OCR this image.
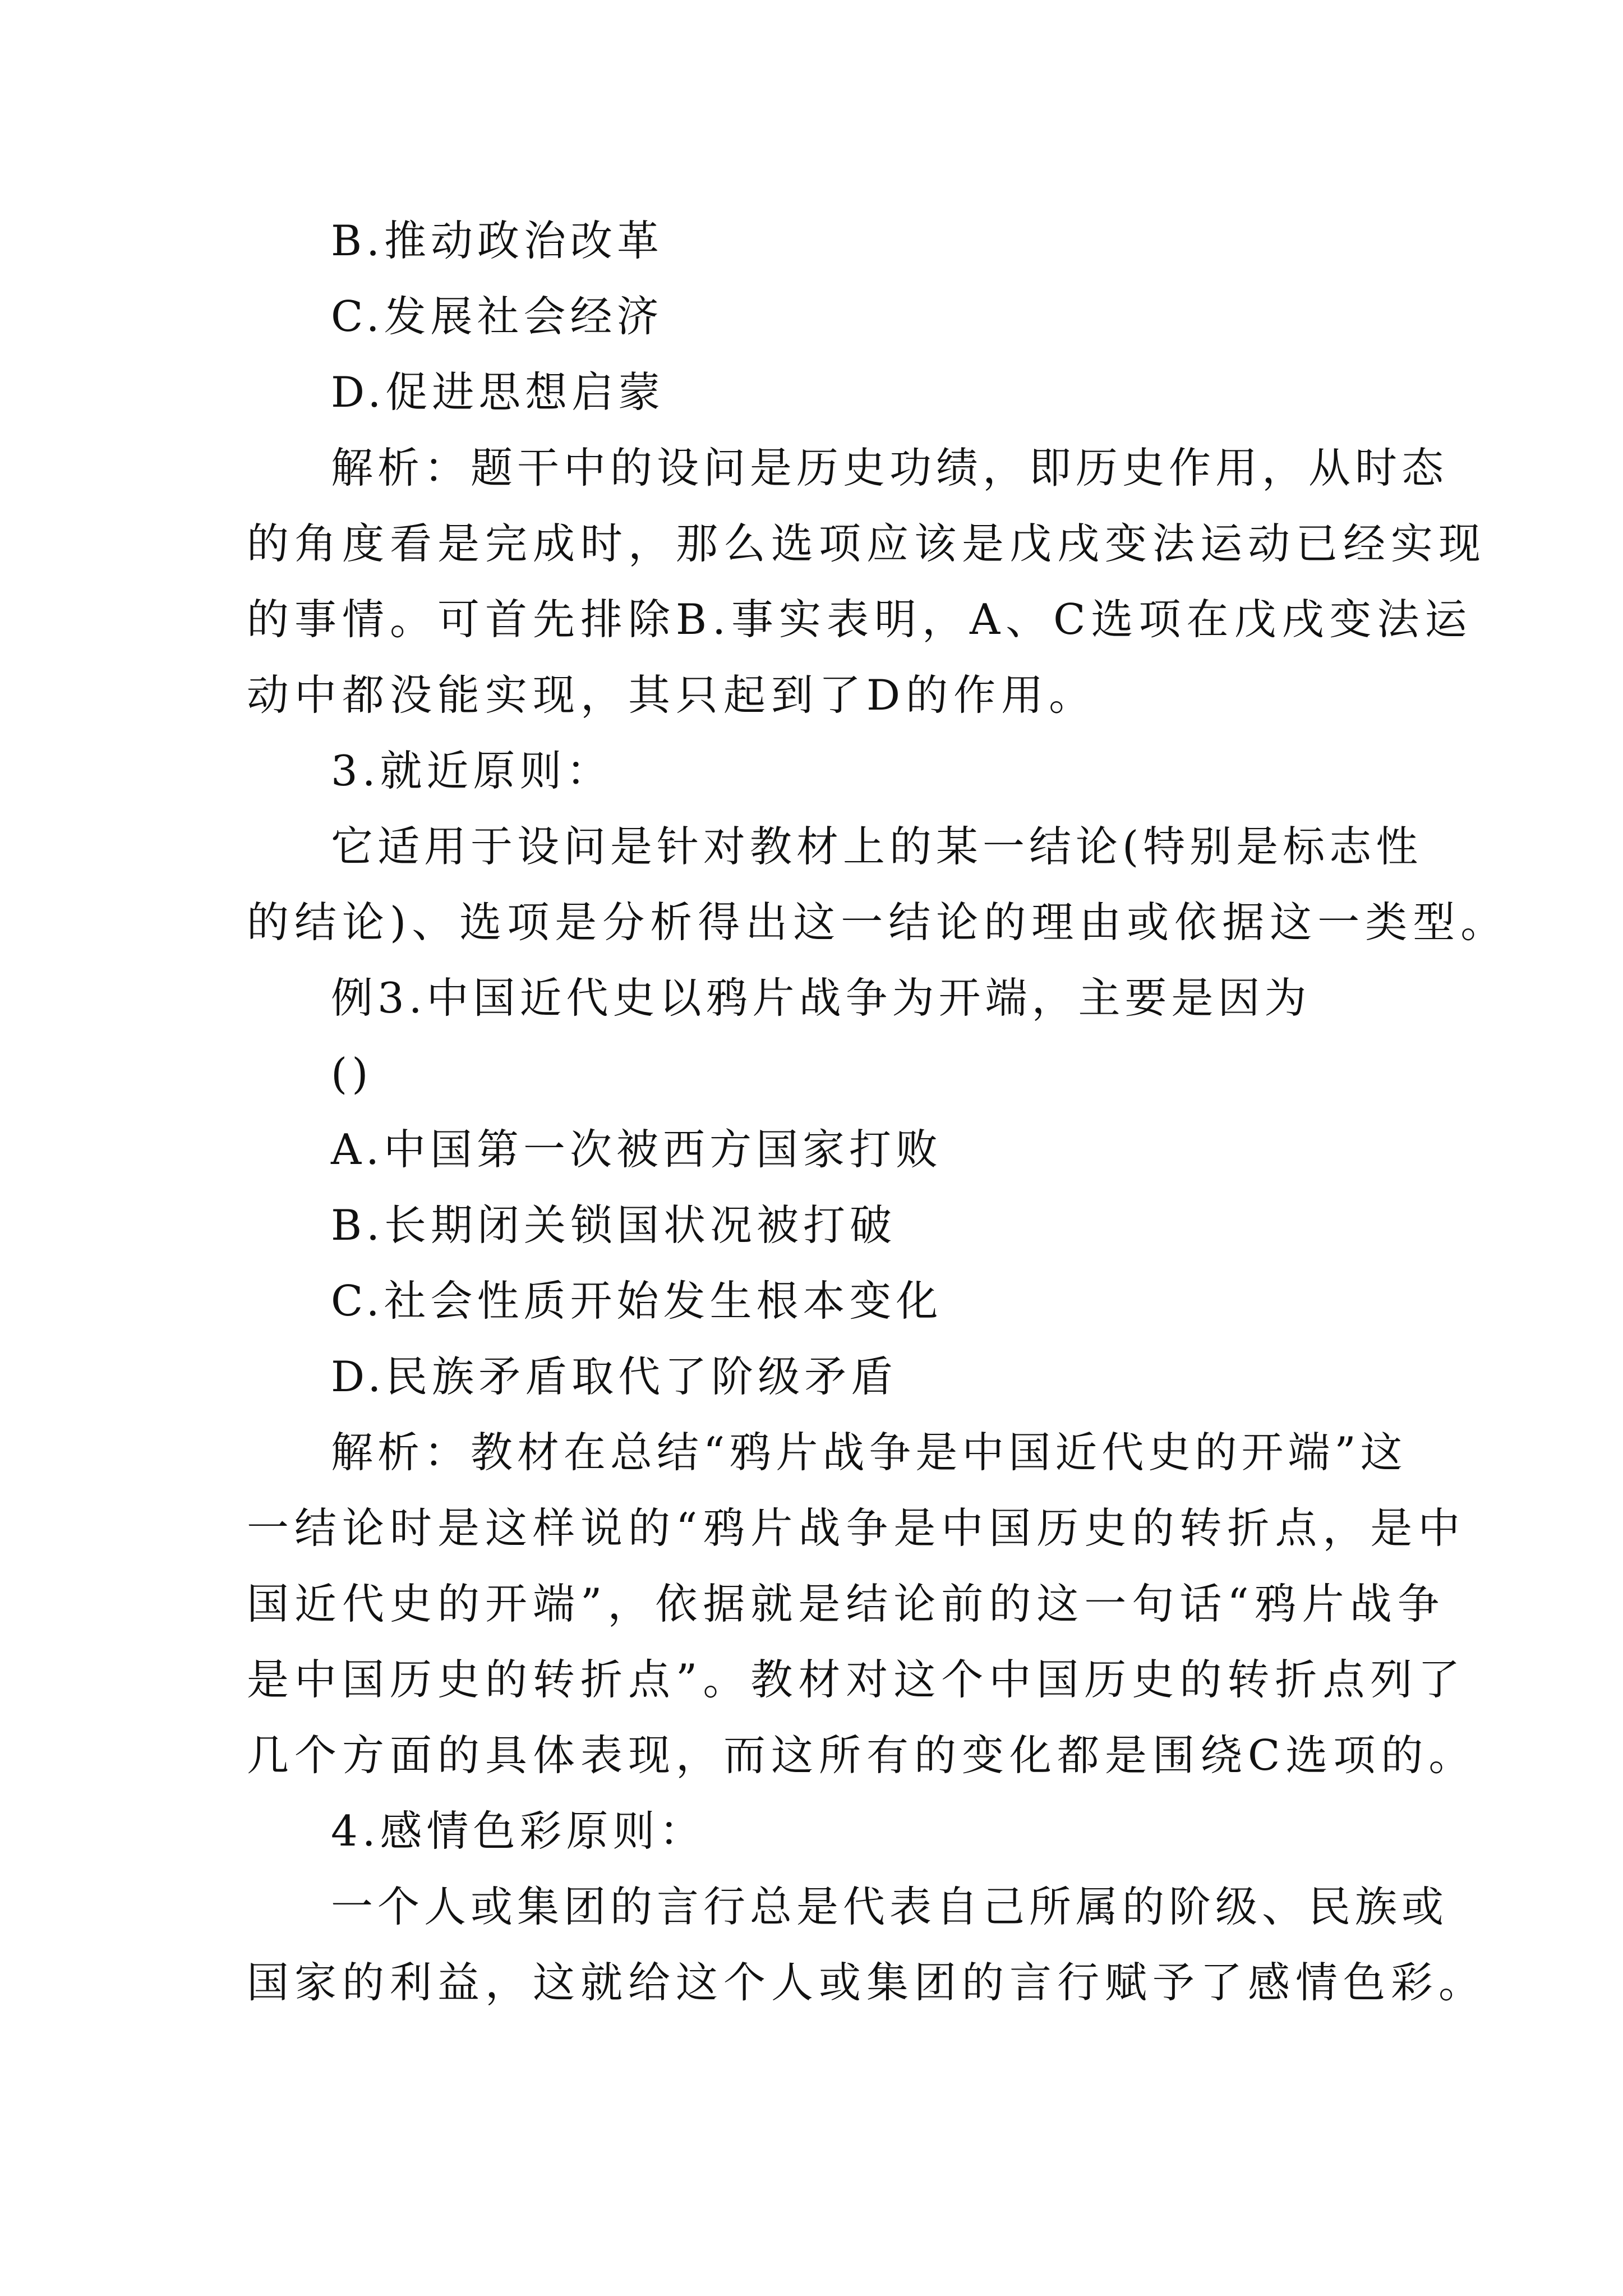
B.推动政治改革
C.发展社会经济
D.促进思想启蒙
解析：题干中的设问是历史功绩，即历史作用，从时态
的角度看是完成时，那么选项应该是戊戌变法运动已经实现
的事情。可首先排除B.事实表明，A、C选项在戊戌变法运
动中都没能实现，其只起到了D的作用。
3.就近原则：
它适用于设问是针对教材上的某一结论(特别是标志性
的结论)、选项是分析得出这一结论的理由或依据这一类型。
例3.中国近代史以鸦片战争为开端，主要是因为
()
A.中国第一次被西方国家打败
B.长期闭关锁国状况被打破
C.社会性质开始发生根本变化
D.民族矛盾取代了阶级矛盾
解析：教材在总结“鸦片战争是中国近代史的开端”这
一结论时是这样说的“鸦片战争是中国历史的转折点，是中
国近代史的开端”，依据就是结论前的这一句话“鸦片战争
是中国历史的转折点”。教材对这个中国历史的转折点列了
几个方面的具体表现，而这所有的变化都是围绕C选项的。
4.感情色彩原则：
一个人或集团的言行总是代表自己所属的阶级、民族或
国家的利益，这就给这个人或集团的言行赋予了感情色彩。
